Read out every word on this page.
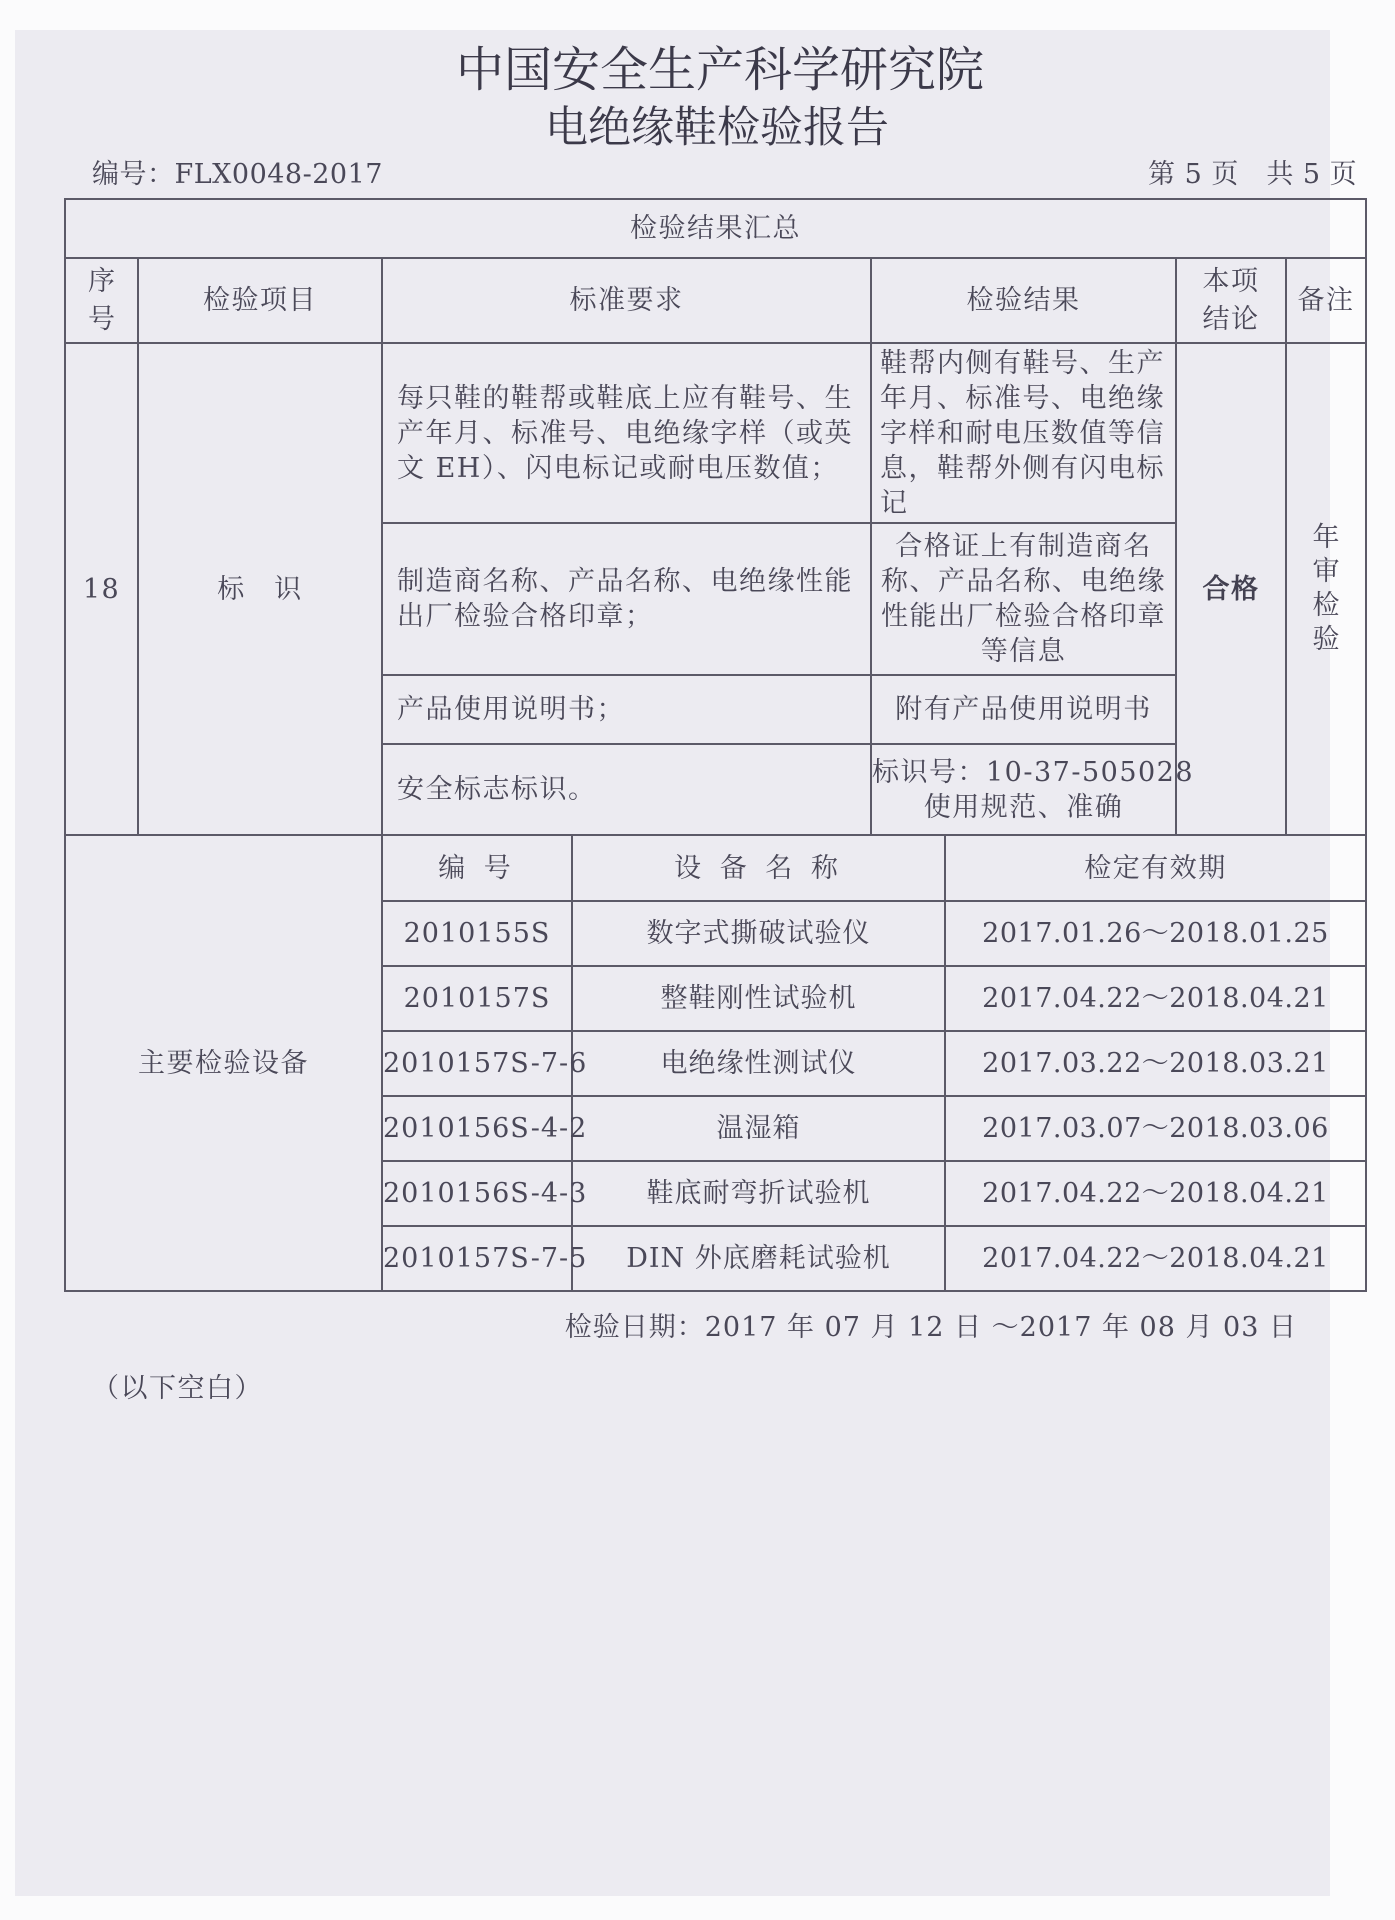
中国安全生产科学研究院
电绝缘鞋检验报告
编号：FLX0048-2017	第 5 页　共 5 页
检验结果汇总							
序号	检验项目	标准要求		检验结果		本项结论	备注
18	标　识	每只鞋的鞋帮或鞋底上应有鞋号、生
产年月、标准号、电绝缘字样（或英
文 EH）、闪电标记或耐电压数值；		鞋帮内侧有鞋号、生产
年月、标准号、电绝缘
字样和耐电压数值等信
息，鞋帮外侧有闪电标
记		合格	年审检验

		制造商名称、产品名称、电绝缘性能
出厂检验合格印章；		合格证上有制造商名
称、产品名称、电绝缘
性能出厂检验合格印章
等信息			

		产品使用说明书；		附有产品使用说明书			

		安全标志标识。		标识号：10-37-505028
使用规范、准确			

主要检验设备		编 号	设 备 名 称		检定有效期		
		2010155S	数字式撕破试验仪		2017.01.26～2018.01.25		
		2010157S	整鞋刚性试验机		2017.04.22～2018.04.21		
		2010157S-7-6	电绝缘性测试仪		2017.03.22～2018.03.21		
		2010156S-4-2	温湿箱		2017.03.07～2018.03.06		
		2010156S-4-3	鞋底耐弯折试验机		2017.04.22～2018.04.21		
		2010157S-7-5	DIN 外底磨耗试验机		2017.04.22～2018.04.21		
检验日期：2017 年 07 月 12 日 ～2017 年 08 月 03 日
（以下空白）
